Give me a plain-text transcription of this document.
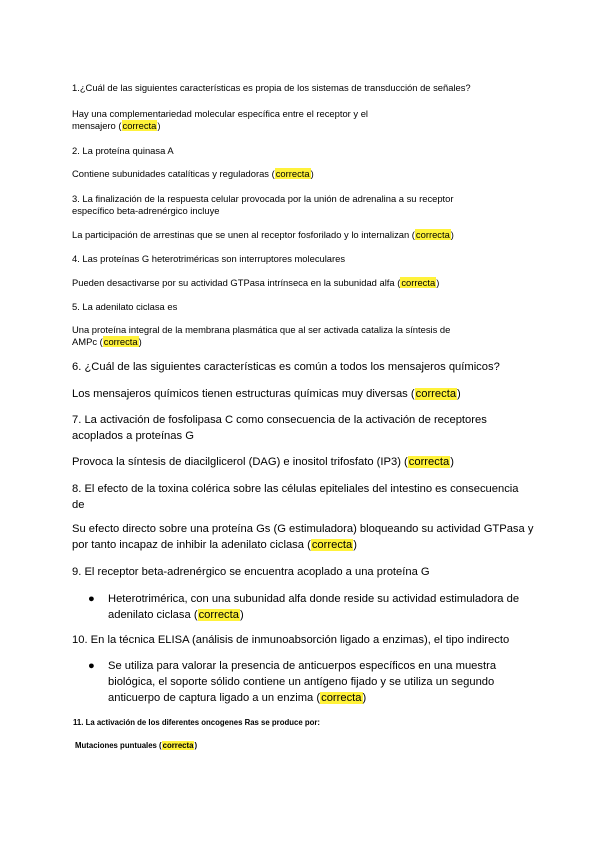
1.¿Cuál de las siguientes características es propia de los sistemas de transducción de señales?
Hay una complementariedad molecular específica entre el receptor y el mensajero (correcta)
2. La proteína quinasa A
Contiene subunidades catalíticas y reguladoras (correcta)
3. La finalización de la respuesta celular provocada por la unión de adrenalina a su receptor específico beta-adrenérgico incluye
La participación de arrestinas que se unen al receptor fosforilado y lo internalizan (correcta)
4. Las proteínas G heterotriméricas son interruptores moleculares
Pueden desactivarse por su actividad GTPasa intrínseca en la subunidad alfa (correcta)
5. La adenilato ciclasa es
Una proteína integral de la membrana plasmática que al ser activada cataliza la síntesis de AMPc (correcta)
6. ¿Cuál de las siguientes características es común a todos los mensajeros químicos?
Los mensajeros químicos tienen estructuras químicas muy diversas (correcta)
7. La activación de fosfolipasa C como consecuencia de la activación de receptores acoplados a proteínas G
Provoca la síntesis de diacilglicerol (DAG) e inositol trifosfato (IP3) (correcta)
8. El efecto de la toxina colérica sobre las células epiteliales del intestino es consecuencia de
Su efecto directo sobre una proteína Gs (G estimuladora) bloqueando su actividad GTPasa y por tanto incapaz de inhibir la adenilato ciclasa (correcta)
9. El receptor beta-adrenérgico se encuentra acoplado a una proteína G
● Heterotrimérica, con una subunidad alfa donde reside su actividad estimuladora de adenilato ciclasa (correcta)
10. En la técnica ELISA (análisis de inmunoabsorción ligado a enzimas), el tipo indirecto
● Se utiliza para valorar la presencia de anticuerpos específicos en una muestra biológica, el soporte sólido contiene un antígeno fijado y se utiliza un segundo anticuerpo de captura ligado a un enzima (correcta)
11. La activación de los diferentes oncogenes Ras se produce por:
Mutaciones puntuales (correcta)
